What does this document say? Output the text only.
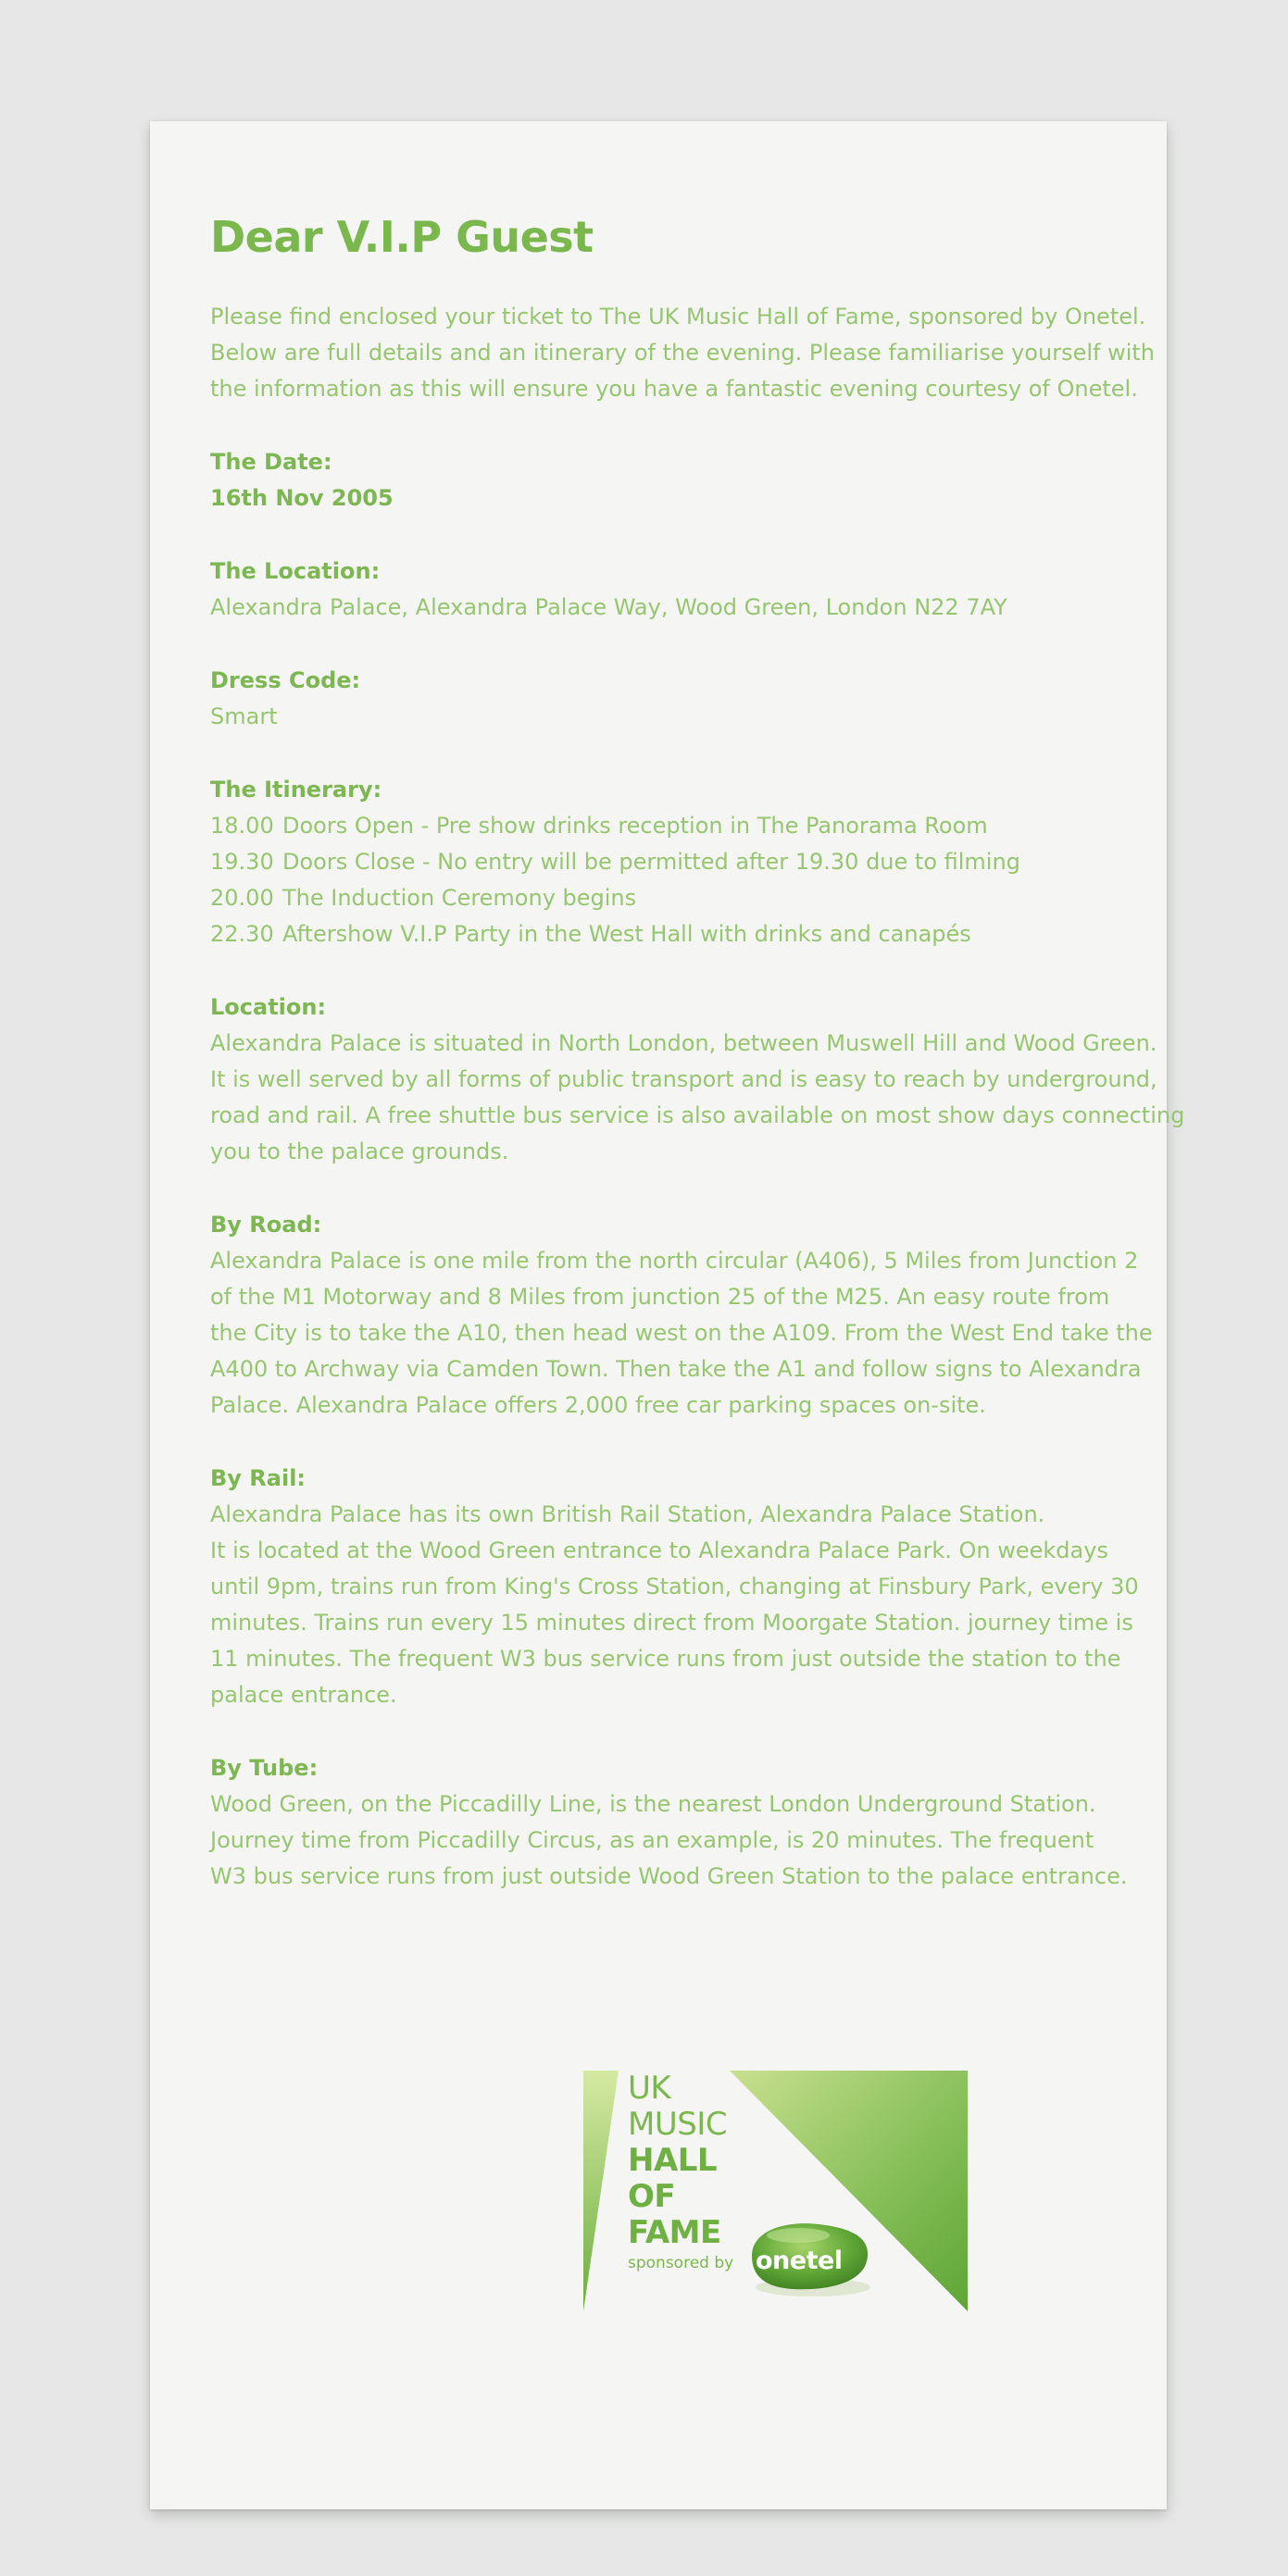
Dear V.I.P Guest

Please find enclosed your ticket to The UK Music Hall of Fame, sponsored by Onetel.

Below are full details and an itinerary of the evening. Please familiarise yourself with

the information as this will ensure you have a fantastic evening courtesy of Onetel.

The Date:
16th Nov 2005
The Location:
Alexandra Palace, Alexandra Palace Way, Wood Green, London N22 7AY
Dress Code:
Smart
The Itinerary:
18.00 Doors Open - Pre show drinks reception in The Panorama Room
19.30 Doors Close - No entry will be permitted after 19.30 due to filming
20.00 The Induction Ceremony begins
22.30 Aftershow V.I.P Party in the West Hall with drinks and canapés
Location:

Alexandra Palace is situated in North London, between Muswell Hill and Wood Green.

It is well served by all forms of public transport and is easy to reach by underground,

road and rail. A free shuttle bus service is also available on most show days connecting

you to the palace grounds.

By Road:

Alexandra Palace is one mile from the north circular (A406), 5 Miles from Junction 2

of the M1 Motorway and 8 Miles from junction 25 of the M25. An easy route from

the City is to take the A10, then head west on the A109. From the West End take the

A400 to Archway via Camden Town. Then take the A1 and follow signs to Alexandra

Palace. Alexandra Palace offers 2,000 free car parking spaces on-site.

By Rail:

Alexandra Palace has its own British Rail Station, Alexandra Palace Station.

It is located at the Wood Green entrance to Alexandra Palace Park. On weekdays

until 9pm, trains run from King's Cross Station, changing at Finsbury Park, every 30

minutes. Trains run every 15 minutes direct from Moorgate Station. journey time is

11 minutes. The frequent W3 bus service runs from just outside the station to the

palace entrance.

By Tube:

Wood Green, on the Piccadilly Line, is the nearest London Underground Station.

Journey time from Piccadilly Circus, as an example, is 20 minutes. The frequent

W3 bus service runs from just outside Wood Green Station to the palace entrance.

UK
MUSIC
HALL
OF
FAME
sponsored by onetel
